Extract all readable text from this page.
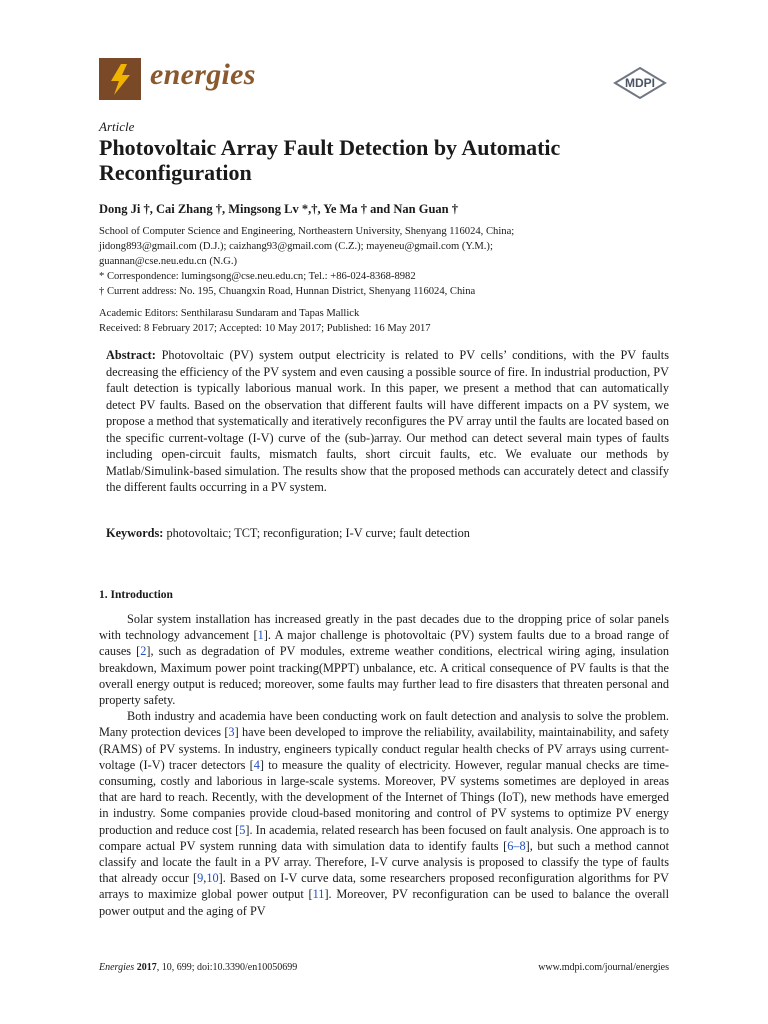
energies	MDPI
Article
Photovoltaic Array Fault Detection by Automatic Reconfiguration
Dong Ji †, Cai Zhang †, Mingsong Lv *,†, Ye Ma † and Nan Guan †
School of Computer Science and Engineering, Northeastern University, Shenyang 116024, China;
jidong893@gmail.com (D.J.); caizhang93@gmail.com (C.Z.); mayeneu@gmail.com (Y.M.);
guannan@cse.neu.edu.cn (N.G.)
* Correspondence: lumingsong@cse.neu.edu.cn; Tel.: +86-024-8368-8982
† Current address: No. 195, Chuangxin Road, Hunnan District, Shenyang 116024, China
Academic Editors: Senthilarasu Sundaram and Tapas Mallick
Received: 8 February 2017; Accepted: 10 May 2017; Published: 16 May 2017
Abstract: Photovoltaic (PV) system output electricity is related to PV cells’ conditions, with the PV faults decreasing the efficiency of the PV system and even causing a possible source of fire. In industrial production, PV fault detection is typically laborious manual work. In this paper, we present a method that can automatically detect PV faults. Based on the observation that different faults will have different impacts on a PV system, we propose a method that systematically and iteratively reconfigures the PV array until the faults are located based on the specific current-voltage (I-V) curve of the (sub-)array. Our method can detect several main types of faults including open-circuit faults, mismatch faults, short circuit faults, etc. We evaluate our methods by Matlab/Simulink-based simulation. The results show that the proposed methods can accurately detect and classify the different faults occurring in a PV system.
Keywords: photovoltaic; TCT; reconfiguration; I-V curve; fault detection
1. Introduction

Solar system installation has increased greatly in the past decades due to the dropping price of solar panels with technology advancement [1]. A major challenge is photovoltaic (PV) system faults due to a broad range of causes [2], such as degradation of PV modules, extreme weather conditions, electrical wiring aging, insulation breakdown, Maximum power point tracking(MPPT) unbalance, etc. A critical consequence of PV faults is that the overall energy output is reduced; moreover, some faults may further lead to fire disasters that threaten personal and property safety.

Both industry and academia have been conducting work on fault detection and analysis to solve the problem. Many protection devices [3] have been developed to improve the reliability, availability, maintainability, and safety (RAMS) of PV systems. In industry, engineers typically conduct regular health checks of PV arrays using current-voltage (I-V) tracer detectors [4] to measure the quality of electricity. However, regular manual checks are time-consuming, costly and laborious in large-scale systems. Moreover, PV systems sometimes are deployed in areas that are hard to reach. Recently, with the development of the Internet of Things (IoT), new methods have emerged in industry. Some companies provide cloud-based monitoring and control of PV systems to optimize PV energy production and reduce cost [5]. In academia, related research has been focused on fault analysis. One approach is to compare actual PV system running data with simulation data to identify faults [6–8], but such a method cannot classify and locate the fault in a PV array. Therefore, I-V curve analysis is proposed to classify the type of faults that already occur [9,10]. Based on I-V curve data, some researchers proposed reconfiguration algorithms for PV arrays to maximize global power output [11]. Moreover, PV reconfiguration can be used to balance the overall power output and the aging of PV

Energies 2017, 10, 699; doi:10.3390/en10050699	www.mdpi.com/journal/energies
